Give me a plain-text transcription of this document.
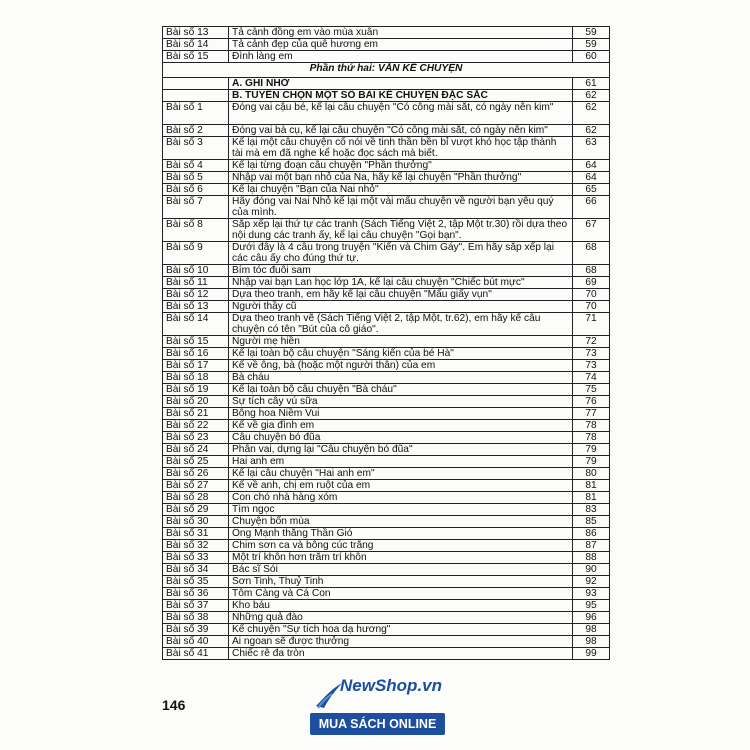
Bài số 13	Tả cảnh đồng em vào mùa xuân	59
Bài số 14	Tả cảnh đẹp của quê hương em	59
Bài số 15	Đình làng em	60
Phần thứ hai: VĂN KỂ CHUYỆN		
	A. GHI NHỚ	61
	B. TUYỂN CHỌN MỘT SỐ BÀI KỂ CHUYỆN ĐẶC SẮC	62
Bài số 1	Đóng vai cậu bé, kể lại câu chuyện "Có công mài sắt, có ngày nên kim"	62
Bài số 2	Đóng vai bà cụ, kể lại câu chuyện "Có công mài sắt, có ngày nên kim"	62
Bài số 3	Kể lại một câu chuyện cổ nói về tinh thần bền bỉ vượt khó học tập thành tài mà em đã nghe kể hoặc đọc sách mà biết.	63
Bài số 4	Kể lại từng đoạn câu chuyện "Phần thưởng"	64
Bài số 5	Nhập vai một bạn nhỏ của Na, hãy kể lại chuyện "Phần thưởng"	64
Bài số 6	Kể lại chuyện "Bạn của Nai nhỏ"	65
Bài số 7	Hãy đóng vai Nai Nhỏ kể lại một vài mẩu chuyện về người bạn yêu quý của mình.	66
Bài số 8	Sắp xếp lại thứ tự các tranh (Sách Tiếng Việt 2, tập Một tr.30) rồi dựa theo nội dung các tranh ấy, kể lại câu chuyện "Gọi bạn".	67
Bài số 9	Dưới đây là 4 câu trong truyện "Kiến và Chim Gáy". Em hãy sắp xếp lại các câu ấy cho đúng thứ tự.	68
Bài số 10	Bím tóc đuôi sam	68
Bài số 11	Nhập vai bạn Lan học lớp 1A, kể lại câu chuyện "Chiếc bút mực"	69
Bài số 12	Dựa theo tranh, em hãy kể lại câu chuyện "Mẩu giấy vụn"	70
Bài số 13	Người thầy cũ	70
Bài số 14	Dựa theo tranh vẽ (Sách Tiếng Việt 2, tập Một, tr.62), em hãy kể câu chuyện có tên "Bút của cô giáo".	71
Bài số 15	Người mẹ hiền	72
Bài số 16	Kể lại toàn bộ câu chuyện "Sáng kiến của bé Hà"	73
Bài số 17	Kể về ông, bà (hoặc một người thân) của em	73
Bài số 18	Bà cháu	74
Bài số 19	Kể lại toàn bộ câu chuyện "Bà cháu"	75
Bài số 20	Sự tích cây vú sữa	76
Bài số 21	Bông hoa Niềm Vui	77
Bài số 22	Kể về gia đình em	78
Bài số 23	Câu chuyện bó đũa	78
Bài số 24	Phân vai, dựng lại "Câu chuyện bó đũa"	79
Bài số 25	Hai anh em	79
Bài số 26	Kể lại câu chuyện "Hai anh em"	80
Bài số 27	Kể về anh, chị em ruột của em	81
Bài số 28	Con chó nhà hàng xóm	81
Bài số 29	Tìm ngọc	83
Bài số 30	Chuyện bốn mùa	85
Bài số 31	Ông Mạnh thắng Thần Gió	86
Bài số 32	Chim sơn ca và bông cúc trắng	87
Bài số 33	Một trí khôn hơn trăm trí khôn	88
Bài số 34	Bác sĩ Sói	90
Bài số 35	Sơn Tinh, Thuỷ Tinh	92
Bài số 36	Tôm Càng và Cá Con	93
Bài số 37	Kho báu	95
Bài số 38	Những quả đào	96
Bài số 39	Kể chuyện "Sự tích hoa dạ hương"	98
Bài số 40	Ai ngoan sẽ được thưởng	98
Bài số 41	Chiếc rễ đa tròn	99
146
NewShop.vn
MUA SÁCH ONLINE
